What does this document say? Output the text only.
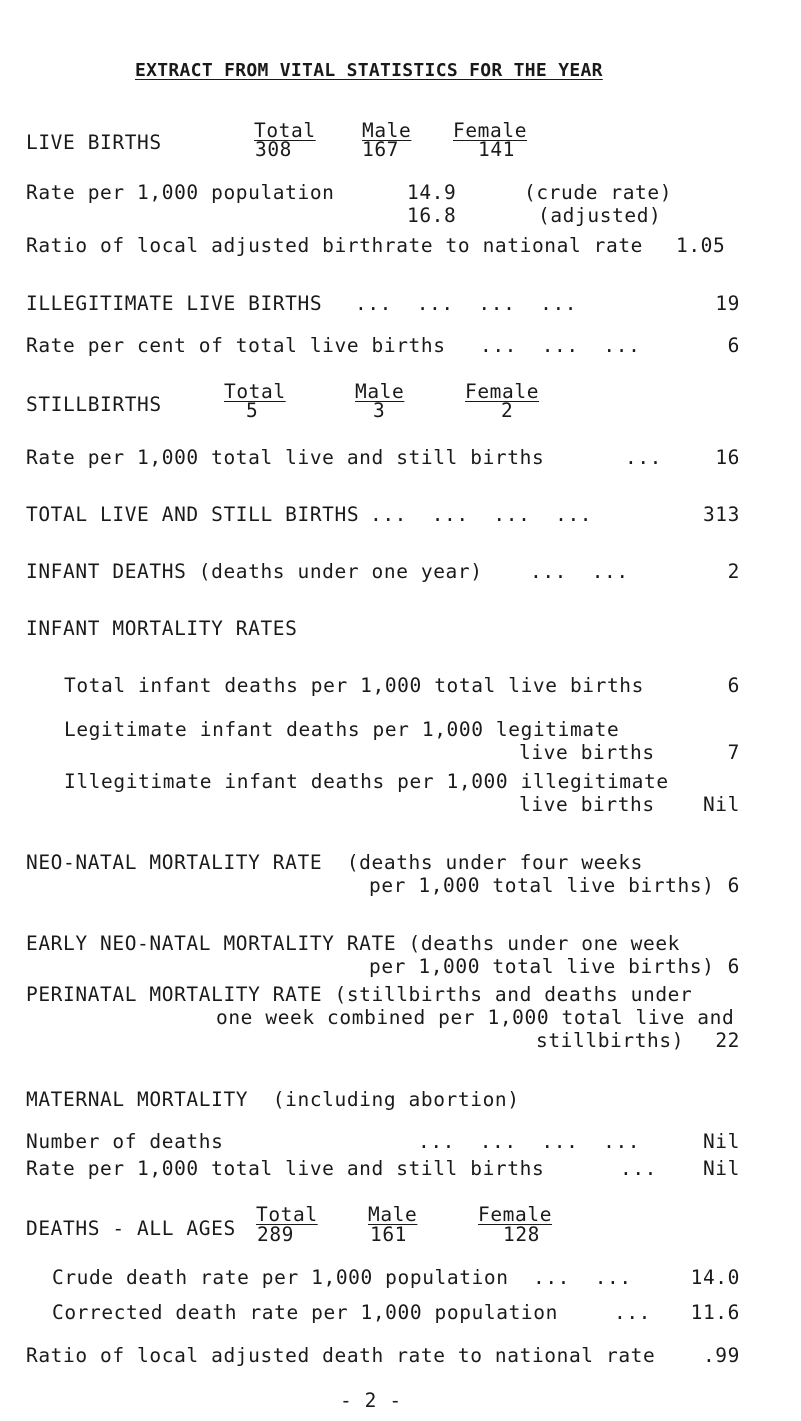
EXTRACT FROM VITAL STATISTICS FOR THE YEAR
LIVE BIRTHS
Total Male Female
308	167	141
Rate per 1,000 population	14.9	(crude rate)
16.8	(adjusted)
Ratio of local adjusted birthrate to national rate 1.05
ILLEGITIMATE LIVE BIRTHS ...  ...  ...  ...	19
Rate per cent of total live births ...  ...  ...	6
STILLBIRTHS
Total	Male	Female
5	3	2
Rate per 1,000 total live and still births	...	16
TOTAL LIVE AND STILL BIRTHS ...  ...  ...  ...	313
INFANT DEATHS (deaths under one year) ...  ...	2
INFANT MORTALITY RATES
Total infant deaths per 1,000 total live births	6
Legitimate infant deaths per 1,000 legitimate
live births	7
Illegitimate infant deaths per 1,000 illegitimate
live births	Nil
NEO-NATAL MORTALITY RATE  (deaths under four weeks
per 1,000 total live births) 6
EARLY NEO-NATAL MORTALITY RATE (deaths under one week
per 1,000 total live births) 6
PERINATAL MORTALITY RATE (stillbirths and deaths under
one week combined per 1,000 total live and
stillbirths)	22
MATERNAL MORTALITY  (including abortion)
Number of deaths	...  ...  ...  ...	Nil
Rate per 1,000 total live and still births	...	Nil
DEATHS - ALL AGES
Total	Male	Female
289	161	128
Crude death rate per 1,000 population ...  ...	14.0
Corrected death rate per 1,000 population	...	11.6
Ratio of local adjusted death rate to national rate	.99
- 2 -
